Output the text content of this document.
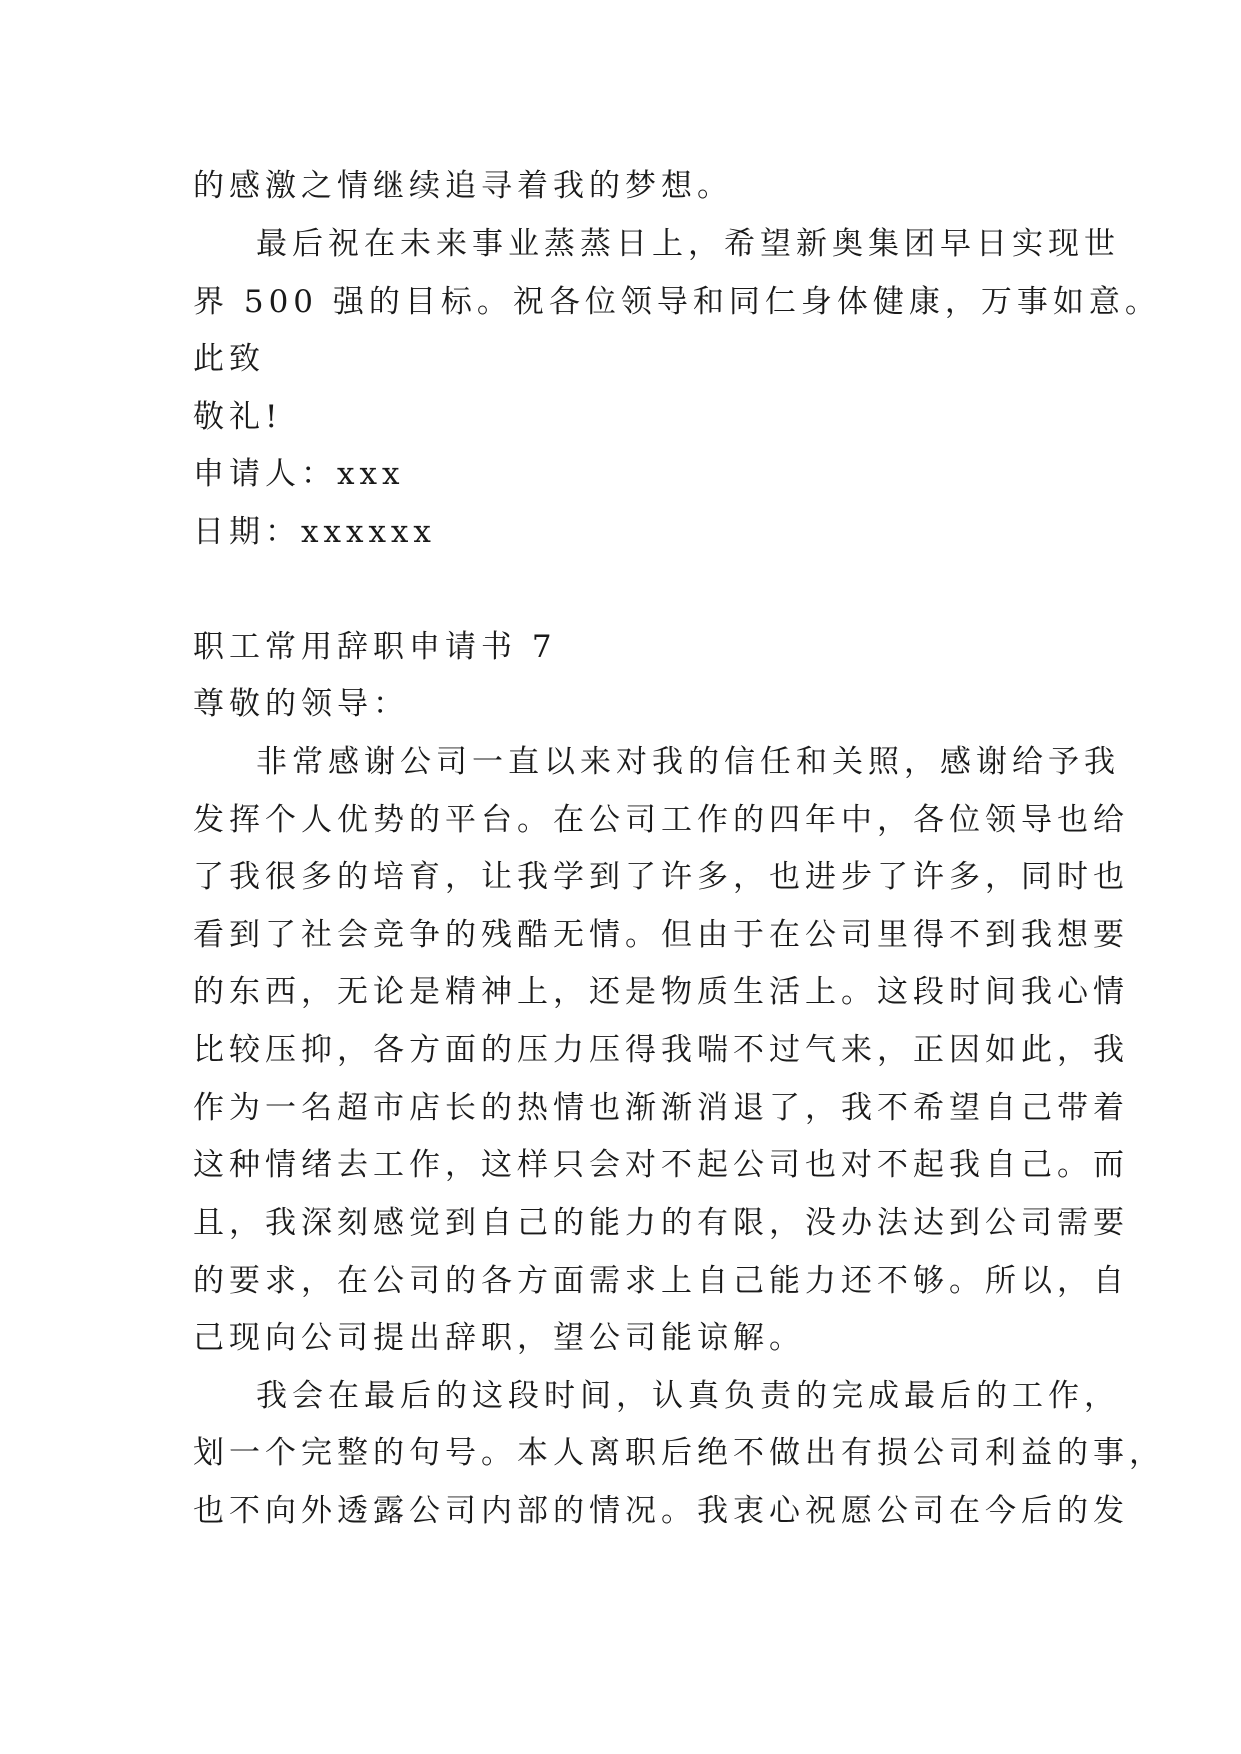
的感激之情继续追寻着我的梦想。
最后祝在未来事业蒸蒸日上，希望新奥集团早日实现世
界 500 强的目标。祝各位领导和同仁身体健康，万事如意。
此致
敬礼!
申请人：xxx
日期：xxxxxx
职工常用辞职申请书 7
尊敬的领导：
非常感谢公司一直以来对我的信任和关照，感谢给予我
发挥个人优势的平台。在公司工作的四年中，各位领导也给
了我很多的培育，让我学到了许多，也进步了许多，同时也
看到了社会竞争的残酷无情。但由于在公司里得不到我想要
的东西，无论是精神上，还是物质生活上。这段时间我心情
比较压抑，各方面的压力压得我喘不过气来，正因如此，我
作为一名超市店长的热情也渐渐消退了，我不希望自己带着
这种情绪去工作，这样只会对不起公司也对不起我自己。而
且，我深刻感觉到自己的能力的有限，没办法达到公司需要
的要求，在公司的各方面需求上自己能力还不够。所以，自
己现向公司提出辞职，望公司能谅解。
我会在最后的这段时间，认真负责的完成最后的工作，
划一个完整的句号。本人离职后绝不做出有损公司利益的事，
也不向外透露公司内部的情况。我衷心祝愿公司在今后的发
